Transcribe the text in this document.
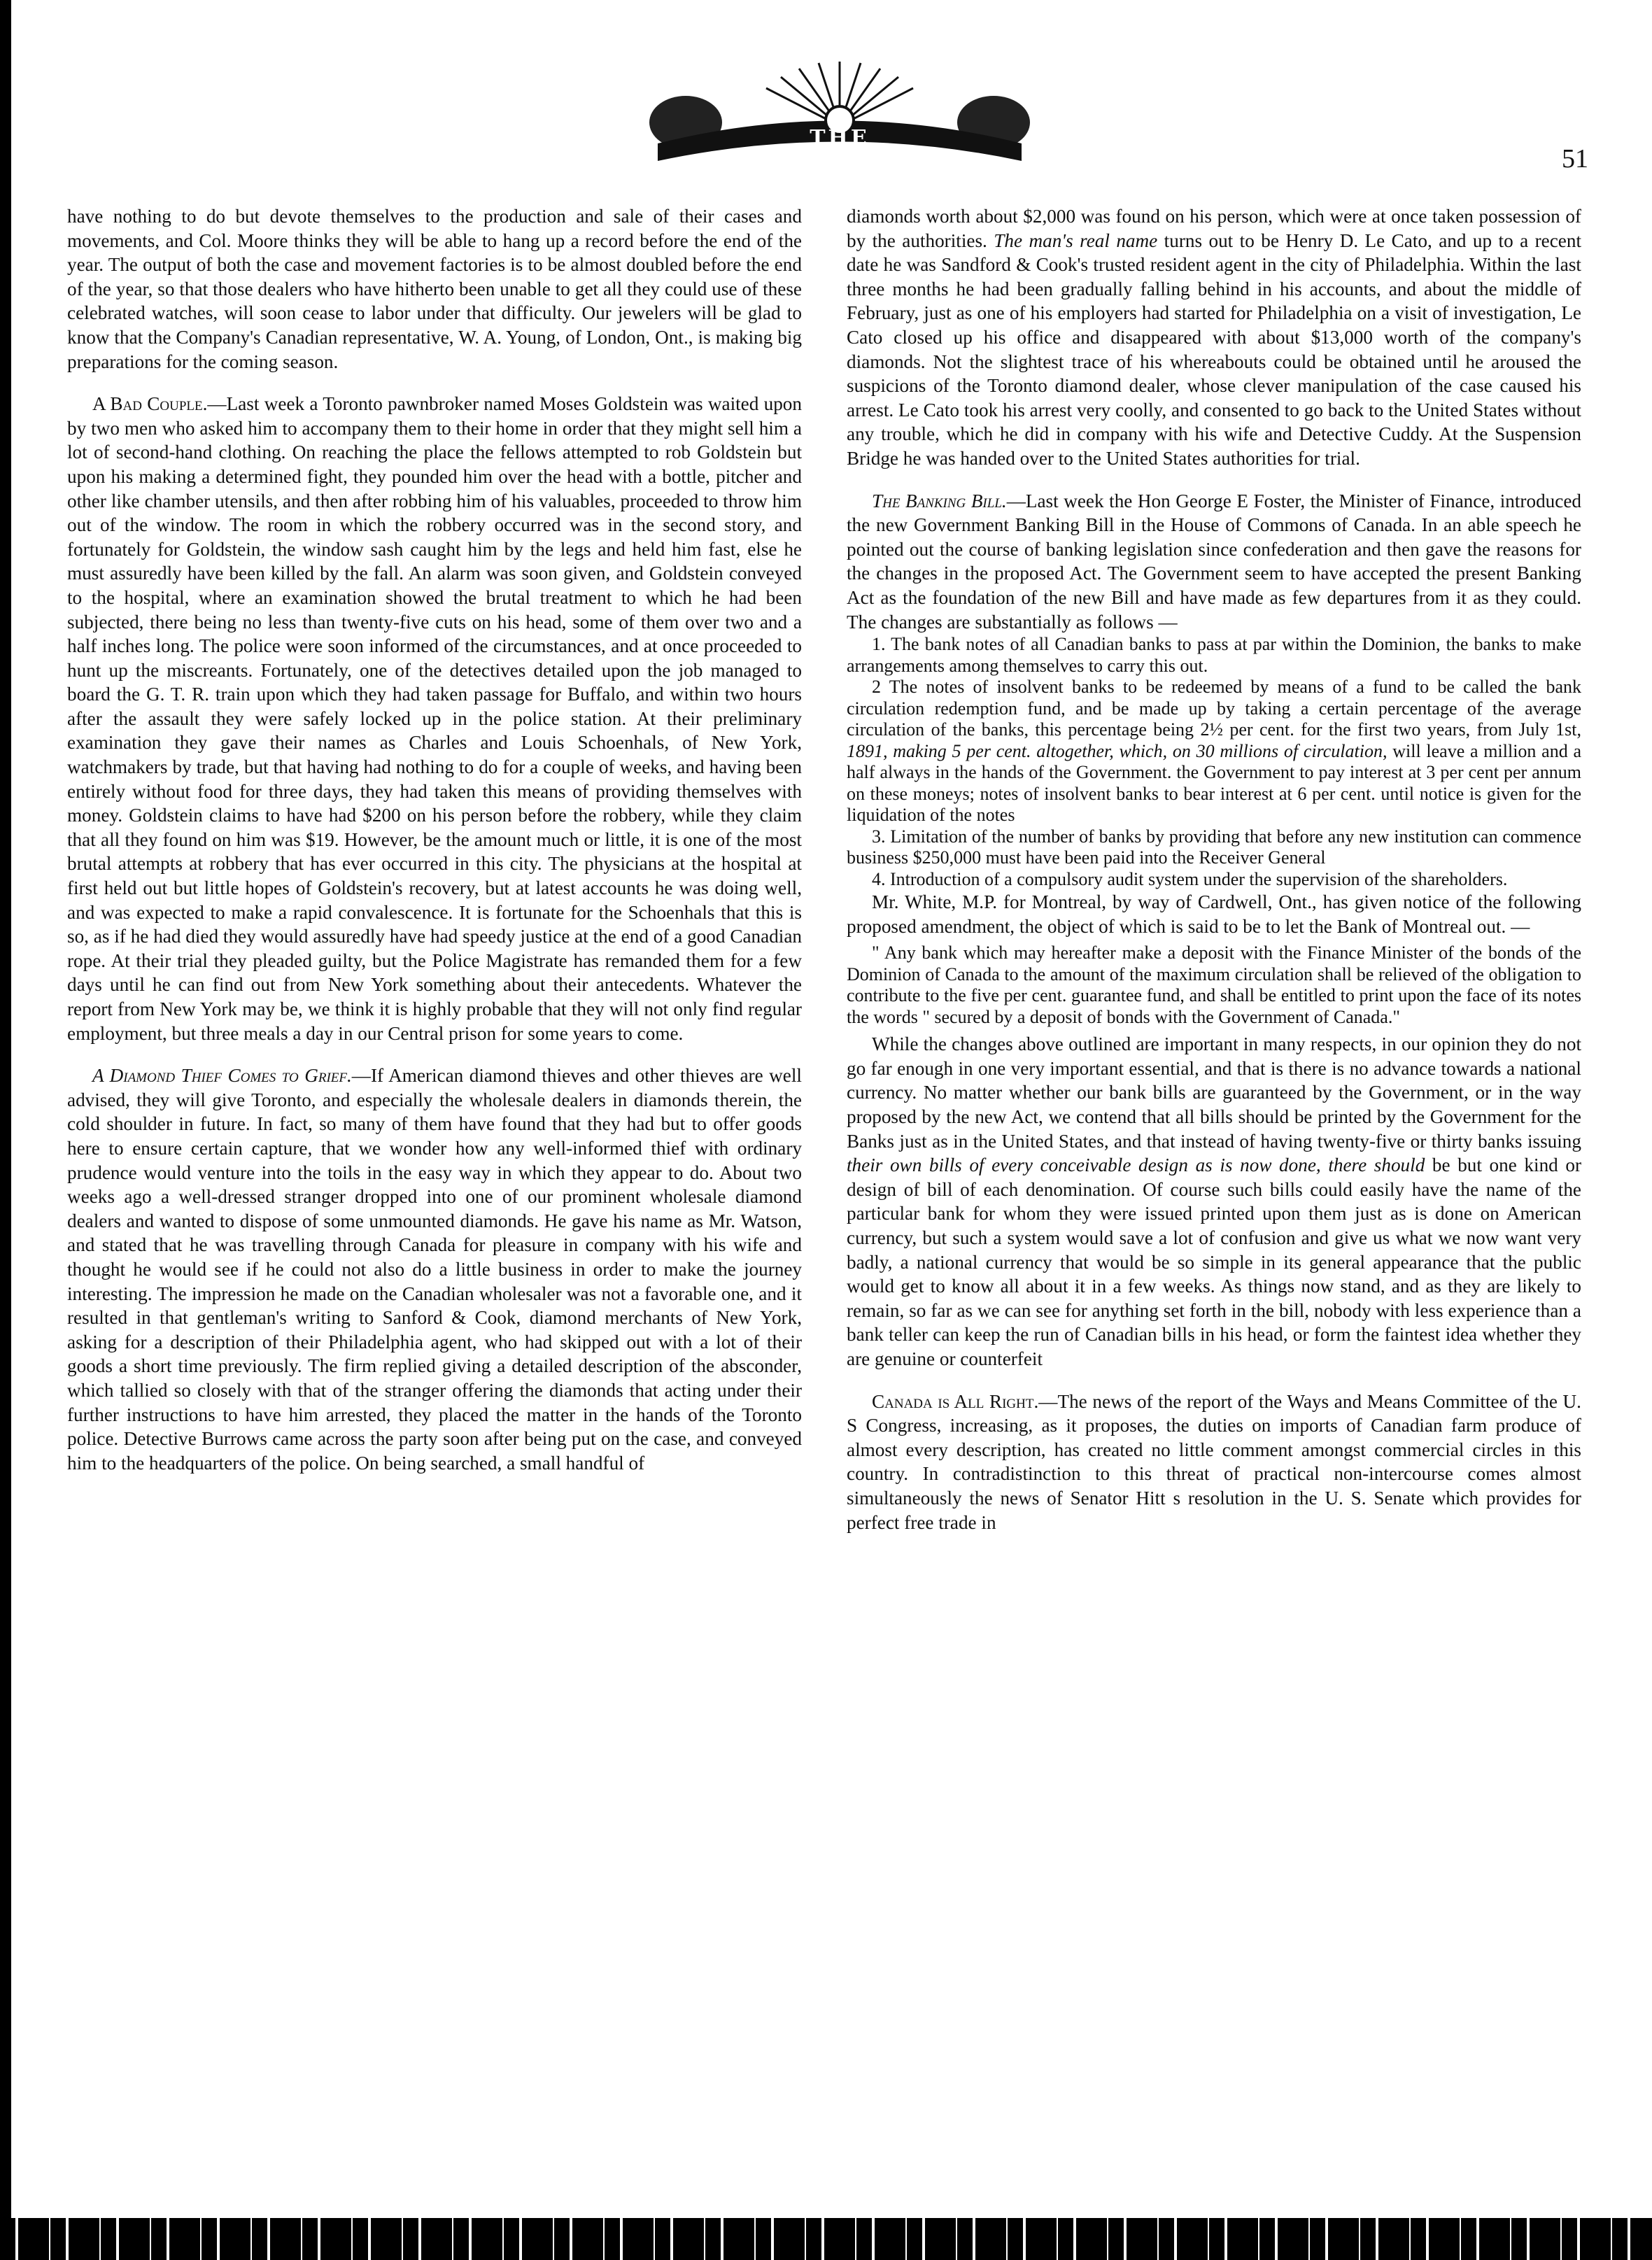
THE TRADER	51

have nothing to do but devote themselves to the production and sale of their cases and movements, and Col. Moore thinks they will be able to hang up a record before the end of the year. The output of both the case and movement factories is to be almost doubled before the end of the year, so that those dealers who have hitherto been unable to get all they could use of these celebrated watches, will soon cease to labor under that difficulty. Our jewelers will be glad to know that the Company's Canadian representative, W. A. Young, of London, Ont., is making big preparations for the coming season.

A Bad Couple.—Last week a Toronto pawnbroker named Moses Goldstein was waited upon by two men who asked him to accompany them to their home in order that they might sell him a lot of second-hand clothing. On reaching the place the fellows attempted to rob Goldstein but upon his making a determined fight, they pounded him over the head with a bottle, pitcher and other like chamber utensils, and then after robbing him of his valuables, proceeded to throw him out of the window. The room in which the robbery occurred was in the second story, and fortunately for Goldstein, the window sash caught him by the legs and held him fast, else he must assuredly have been killed by the fall. An alarm was soon given, and Goldstein conveyed to the hospital, where an examination showed the brutal treatment to which he had been subjected, there being no less than twenty-five cuts on his head, some of them over two and a half inches long. The police were soon informed of the circumstances, and at once proceeded to hunt up the miscreants. Fortunately, one of the detectives detailed upon the job managed to board the G. T. R. train upon which they had taken passage for Buffalo, and within two hours after the assault they were safely locked up in the police station. At their preliminary examination they gave their names as Charles and Louis Schoenhals, of New York, watchmakers by trade, but that having had nothing to do for a couple of weeks, and having been entirely without food for three days, they had taken this means of providing themselves with money. Goldstein claims to have had $200 on his person before the robbery, while they claim that all they found on him was $19. However, be the amount much or little, it is one of the most brutal attempts at robbery that has ever occurred in this city. The physicians at the hospital at first held out but little hopes of Goldstein's recovery, but at latest accounts he was doing well, and was expected to make a rapid convalescence. It is fortunate for the Schoenhals that this is so, as if he had died they would assuredly have had speedy justice at the end of a good Canadian rope. At their trial they pleaded guilty, but the Police Magistrate has remanded them for a few days until he can find out from New York something about their antecedents. Whatever the report from New York may be, we think it is highly probable that they will not only find regular employment, but three meals a day in our Central prison for some years to come.

A Diamond Thief Comes to Grief.—If American diamond thieves and other thieves are well advised, they will give Toronto, and especially the wholesale dealers in diamonds therein, the cold shoulder in future. In fact, so many of them have found that they had but to offer goods here to ensure certain capture, that we wonder how any well-informed thief with ordinary prudence would venture into the toils in the easy way in which they appear to do. About two weeks ago a well-dressed stranger dropped into one of our prominent wholesale diamond dealers and wanted to dispose of some unmounted diamonds. He gave his name as Mr. Watson, and stated that he was travelling through Canada for pleasure in company with his wife and thought he would see if he could not also do a little business in order to make the journey interesting. The impression he made on the Canadian wholesaler was not a favorable one, and it resulted in that gentleman's writing to Sanford & Cook, diamond merchants of New York, asking for a description of their Philadelphia agent, who had skipped out with a lot of their goods a short time previously. The firm replied giving a detailed description of the absconder, which tallied so closely with that of the stranger offering the diamonds that acting under their further instructions to have him arrested, they placed the matter in the hands of the Toronto police. Detective Burrows came across the party soon after being put on the case, and conveyed him to the headquarters of the police. On being searched, a small handful of

diamonds worth about $2,000 was found on his person, which were at once taken possession of by the authorities. The man's real name turns out to be Henry D. Le Cato, and up to a recent date he was Sandford & Cook's trusted resident agent in the city of Philadelphia. Within the last three months he had been gradually falling behind in his accounts, and about the middle of February, just as one of his employers had started for Philadelphia on a visit of investigation, Le Cato closed up his office and disappeared with about $13,000 worth of the company's diamonds. Not the slightest trace of his whereabouts could be obtained until he aroused the suspicions of the Toronto diamond dealer, whose clever manipulation of the case caused his arrest. Le Cato took his arrest very coolly, and consented to go back to the United States without any trouble, which he did in company with his wife and Detective Cuddy. At the Suspension Bridge he was handed over to the United States authorities for trial.

The Banking Bill.—Last week the Hon George E Foster, the Minister of Finance, introduced the new Government Banking Bill in the House of Commons of Canada. In an able speech he pointed out the course of banking legislation since confederation and then gave the reasons for the changes in the proposed Act. The Government seem to have accepted the present Banking Act as the foundation of the new Bill and have made as few departures from it as they could. The changes are substantially as follows —

1. The bank notes of all Canadian banks to pass at par within the Dominion, the banks to make arrangements among themselves to carry this out.

2 The notes of insolvent banks to be redeemed by means of a fund to be called the bank circulation redemption fund, and be made up by taking a certain percentage of the average circulation of the banks, this percentage being 2½ per cent. for the first two years, from July 1st, 1891, making 5 per cent. altogether, which, on 30 millions of circulation, will leave a million and a half always in the hands of the Government. the Government to pay interest at 3 per cent per annum on these moneys; notes of insolvent banks to bear interest at 6 per cent. until notice is given for the liquidation of the notes

3. Limitation of the number of banks by providing that before any new institution can commence business $250,000 must have been paid into the Receiver General

4. Introduction of a compulsory audit system under the supervision of the shareholders.

Mr. White, M.P. for Montreal, by way of Cardwell, Ont., has given notice of the following proposed amendment, the object of which is said to be to let the Bank of Montreal out. —

" Any bank which may hereafter make a deposit with the Finance Minister of the bonds of the Dominion of Canada to the amount of the maximum circulation shall be relieved of the obligation to contribute to the five per cent. guarantee fund, and shall be entitled to print upon the face of its notes the words " secured by a deposit of bonds with the Government of Canada."

While the changes above outlined are important in many respects, in our opinion they do not go far enough in one very important essential, and that is there is no advance towards a national currency. No matter whether our bank bills are guaranteed by the Government, or in the way proposed by the new Act, we contend that all bills should be printed by the Government for the Banks just as in the United States, and that instead of having twenty-five or thirty banks issuing their own bills of every conceivable design as is now done, there should be but one kind or design of bill of each denomination. Of course such bills could easily have the name of the particular bank for whom they were issued printed upon them just as is done on American currency, but such a system would save a lot of confusion and give us what we now want very badly, a national currency that would be so simple in its general appearance that the public would get to know all about it in a few weeks. As things now stand, and as they are likely to remain, so far as we can see for anything set forth in the bill, nobody with less experience than a bank teller can keep the run of Canadian bills in his head, or form the faintest idea whether they are genuine or counterfeit

Canada is All Right.—The news of the report of the Ways and Means Committee of the U. S Congress, increasing, as it proposes, the duties on imports of Canadian farm produce of almost every description, has created no little comment amongst commercial circles in this country. In contradistinction to this threat of practical non-intercourse comes almost simultaneously the news of Senator Hitt s resolution in the U. S. Senate which provides for perfect free trade in
